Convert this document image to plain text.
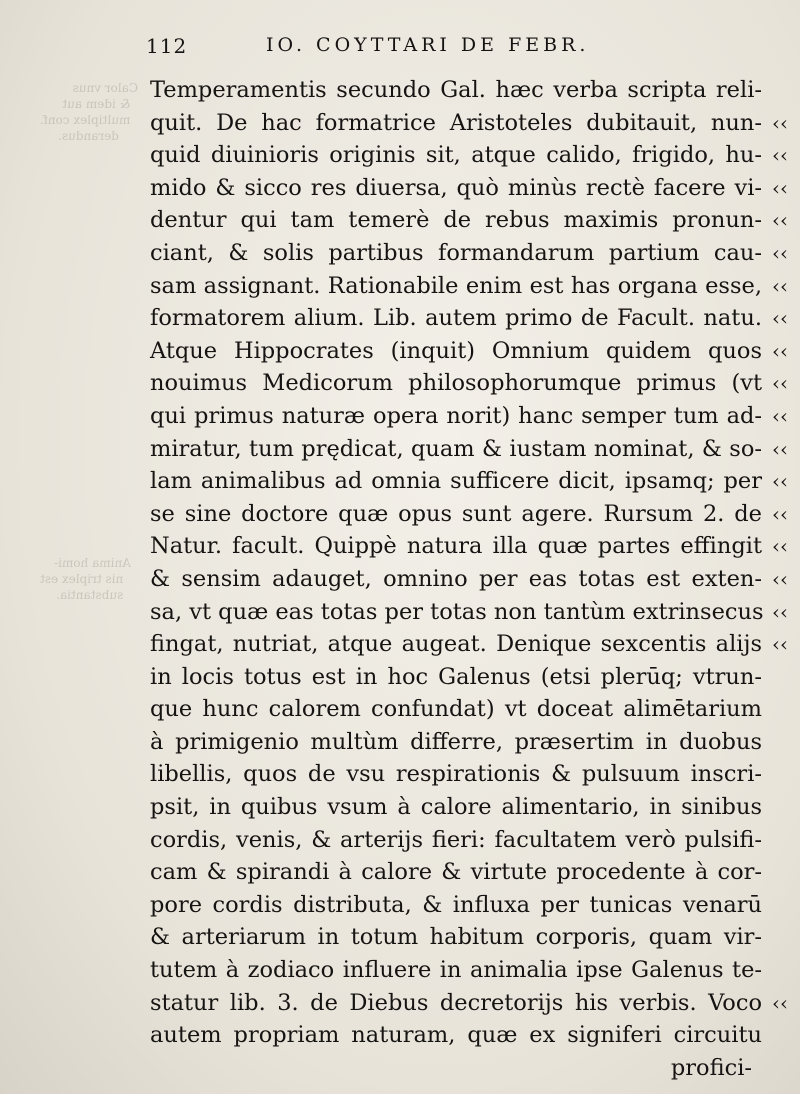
Calor vnus
& idem aut
multiplex conf.
derandus.
Anima homi-
nis triplex est
substantia.
112	IO. COYTTARI DE FEBR.
Temperamentis secundo Gal. hæc verba scripta reli-
quit. De hac formatrice Aristoteles dubitauit, nun-
quid diuinioris originis sit, atque calido, frigido, hu-
mido & sicco res diuersa, quò minùs rectè facere vi-
dentur qui tam temerè de rebus maximis pronun-
ciant, & solis partibus formandarum partium cau-
sam assignant. Rationabile enim est has organa esse,
formatorem alium. Lib. autem primo de Facult. natu.
Atque Hippocrates (inquit) Omnium quidem quos
nouimus Medicorum philosophorumque primus (vt
qui primus naturæ opera norit) hanc semper tum ad-
miratur, tum prędicat, quam & iustam nominat, & so-
lam animalibus ad omnia sufficere dicit, ipsamq; per
se sine doctore quæ opus sunt agere. Rursum 2. de
Natur. facult. Quippè natura illa quæ partes effingit
& sensim adauget, omnino per eas totas est exten-
sa, vt quæ eas totas per totas non tantùm extrinsecus
fingat, nutriat, atque augeat. Denique sexcentis alijs
in locis totus est in hoc Galenus (etsi plerūq; vtrun-
que hunc calorem confundat) vt doceat alimētarium
à primigenio multùm differre, præsertim in duobus
libellis, quos de vsu respirationis & pulsuum inscri-
psit, in quibus vsum à calore alimentario, in sinibus
cordis, venis, & arterijs fieri: facultatem verò pulsifi-
cam & spirandi à calore & virtute procedente à cor-
pore cordis distributa, & influxa per tunicas venarū
& arteriarum in totum habitum corporis, quam vir-
tutem à zodiaco influere in animalia ipse Galenus te-
statur lib. 3. de Diebus decretorijs his verbis. Voco
autem propriam naturam, quæ ex signiferi circuitu
profici-
‹‹
‹‹
‹‹
‹‹
‹‹
‹‹
‹‹
‹‹
‹‹
‹‹
‹‹
‹‹
‹‹
‹‹
‹‹
‹‹
‹‹
‹‹
